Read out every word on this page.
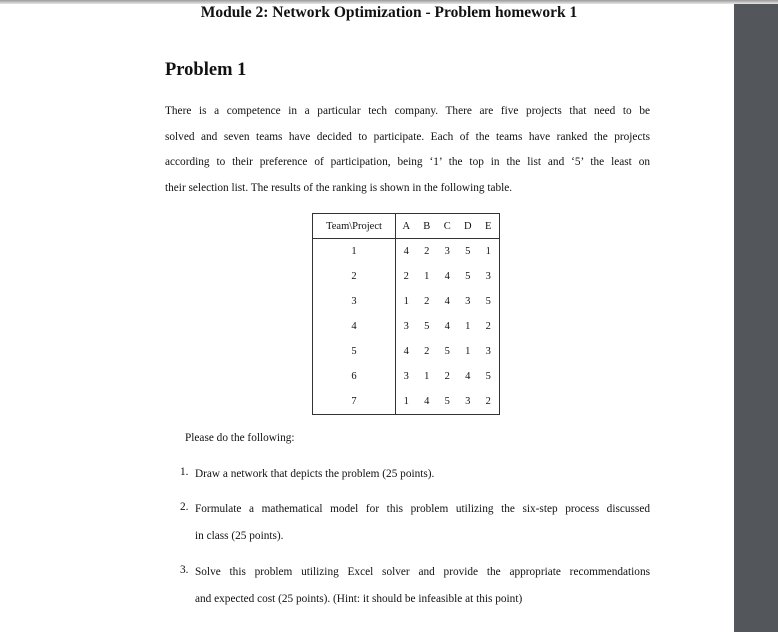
Module 2: Network Optimization - Problem homework 1
Problem 1
There is a competence in a particular tech company. There are five projects that need to be
solved and seven teams have decided to participate. Each of the teams have ranked the projects
according to their preference of participation, being ‘1’ the top in the list and ‘5’ the least on
their selection list. The results of the ranking is shown in the following table.
Team\Project	A	B	C	D	E
1	4	2	3	5	1
2	2	1	4	5	3
3	1	2	4	3	5
4	3	5	4	1	2
5	4	2	5	1	3
6	3	1	2	4	5
7	1	4	5	3	2
Please do the following:
1. Draw a network that depicts the problem (25 points).
2. Formulate a mathematical model for this problem utilizing the six-step process discussed
in class (25 points).
3. Solve this problem utilizing Excel solver and provide the appropriate recommendations
and expected cost (25 points). (Hint: it should be infeasible at this point)
